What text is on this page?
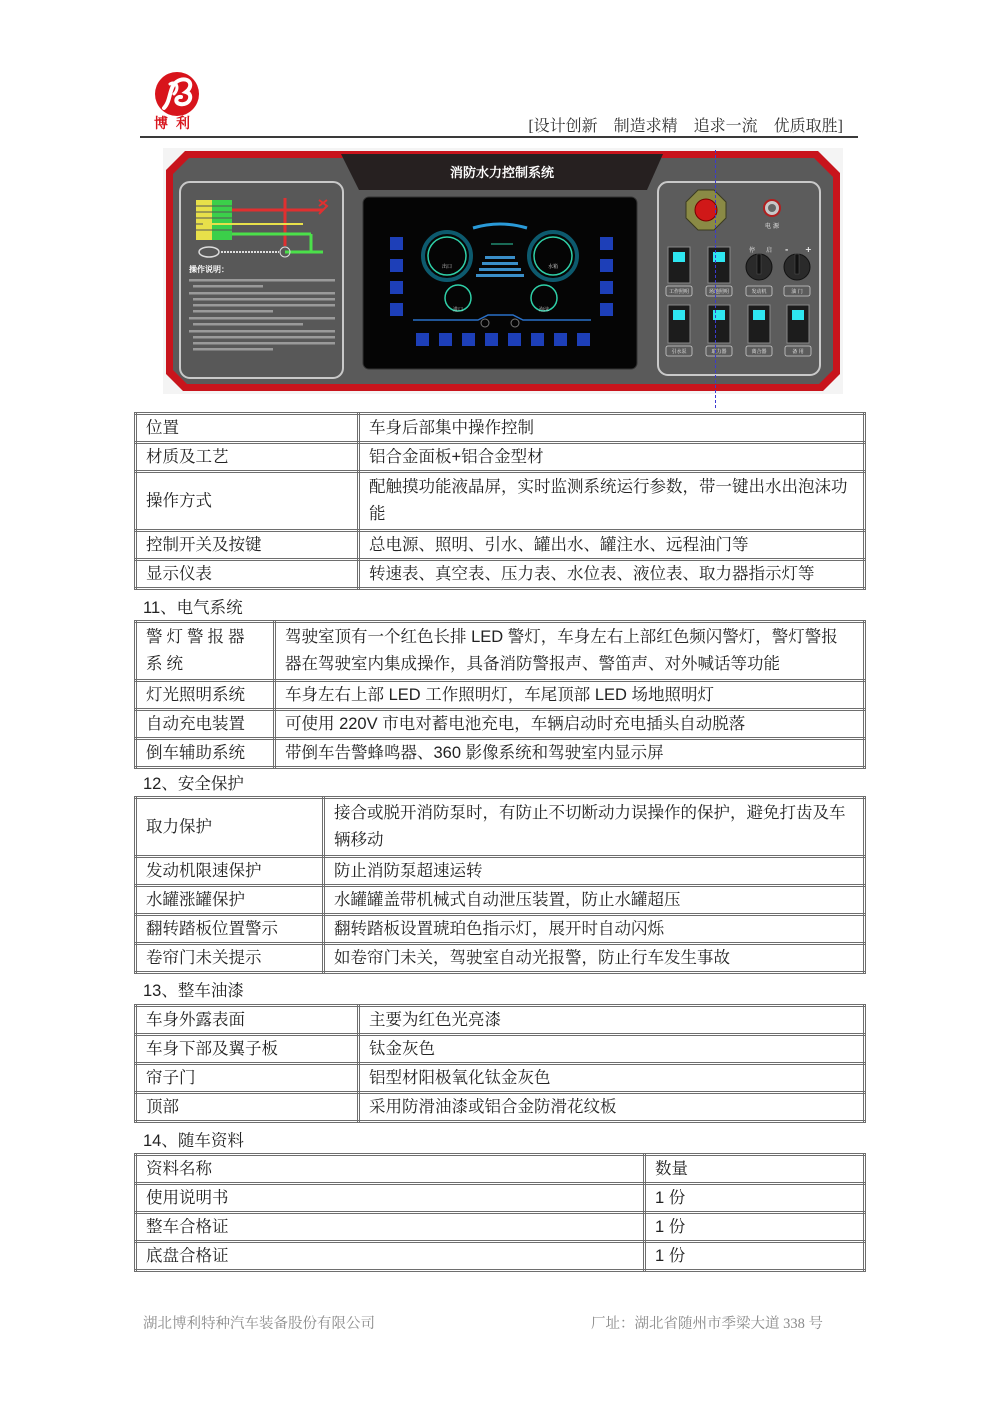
博利	[设计创新　制造求精　追求一流　优质取胜]
消防水力控制系统
操作说明：	出口	水箱
进口	泡沫
电 源
停 启 - +
工作照明	场地照明	发动机	油 门
引水泵	取力器	离合器	备 用
位置	车身后部集中操作控制
材质及工艺	铝合金面板+铝合金型材
操作方式	配触摸功能液晶屏，实时监测系统运行参数，带一键出水出泡沫功能
控制开关及按键	总电源、照明、引水、罐出水、罐注水、远程油门等
显示仪表	转速表、真空表、压力表、水位表、液位表、取力器指示灯等
11、电气系统
警灯警报器系统	驾驶室顶有一个红色长排 LED 警灯，车身左右上部红色频闪警灯，警灯警报器在驾驶室内集成操作，具备消防警报声、警笛声、对外喊话等功能
灯光照明系统	车身左右上部 LED 工作照明灯，车尾顶部 LED 场地照明灯
自动充电装置	可使用 220V 市电对蓄电池充电，车辆启动时充电插头自动脱落
倒车辅助系统	带倒车告警蜂鸣器、360 影像系统和驾驶室内显示屏
12、安全保护
取力保护	接合或脱开消防泵时，有防止不切断动力误操作的保护，避免打齿及车辆移动
发动机限速保护	防止消防泵超速运转
水罐涨罐保护	水罐罐盖带机械式自动泄压装置，防止水罐超压
翻转踏板位置警示	翻转踏板设置琥珀色指示灯，展开时自动闪烁
卷帘门未关提示	如卷帘门未关，驾驶室自动光报警，防止行车发生事故
13、整车油漆
车身外露表面	主要为红色光亮漆
车身下部及翼子板	钛金灰色
帘子门	铝型材阳极氧化钛金灰色
顶部	采用防滑油漆或铝合金防滑花纹板
14、随车资料
资料名称	数量
使用说明书	1 份
整车合格证	1 份
底盘合格证	1 份
湖北博利特种汽车装备股份有限公司	厂址：湖北省随州市季梁大道 338 号
